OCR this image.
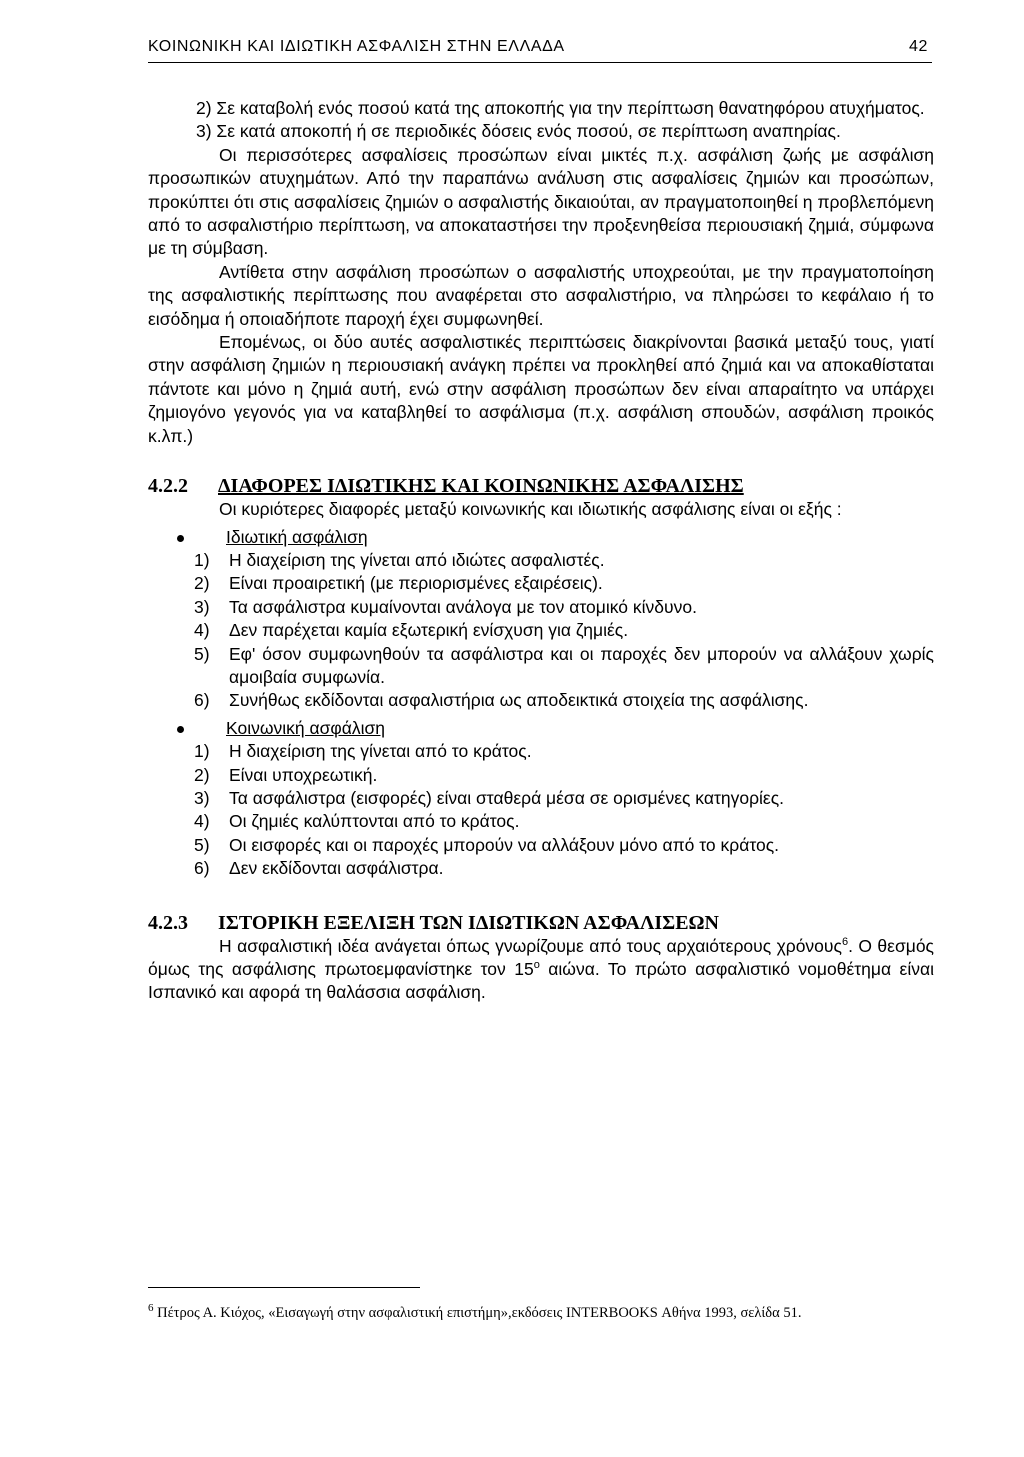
ΚΟΙΝΩΝΙΚΗ ΚΑΙ ΙΔΙΩΤΙΚΗ ΑΣΦΑΛΙΣΗ ΣΤΗΝ ΕΛΛΑΔΑ	42

2) Σε καταβολή ενός ποσού κατά της αποκοπής για την περίπτωση θανατηφόρου ατυχήματος.

3) Σε κατά αποκοπή ή σε περιοδικές δόσεις ενός ποσού, σε περίπτωση αναπηρίας.

Οι περισσότερες ασφαλίσεις προσώπων είναι μικτές π.χ. ασφάλιση ζωής με ασφάλιση προσωπικών ατυχημάτων. Από την παραπάνω ανάλυση στις ασφαλίσεις ζημιών και προσώπων, προκύπτει ότι στις ασφαλίσεις ζημιών ο ασφαλιστής δικαιούται, αν πραγματοποιηθεί η προβλεπόμενη από το ασφαλιστήριο περίπτωση, να αποκαταστήσει την προξενηθείσα περιουσιακή ζημιά, σύμφωνα με τη σύμβαση.

Αντίθετα στην ασφάλιση προσώπων ο ασφαλιστής υποχρεούται, με την πραγματοποίηση της ασφαλιστικής περίπτωσης που αναφέρεται στο ασφαλιστήριο, να πληρώσει το κεφάλαιο ή το εισόδημα ή οποιαδήποτε παροχή έχει συμφωνηθεί.

Επομένως, οι δύο αυτές ασφαλιστικές περιπτώσεις διακρίνονται βασικά μεταξύ τους, γιατί στην ασφάλιση ζημιών η περιουσιακή ανάγκη πρέπει να προκληθεί από ζημιά και να αποκαθίσταται πάντοτε και μόνο η ζημιά αυτή, ενώ στην ασφάλιση προσώπων δεν είναι απαραίτητο να υπάρχει ζημιογόνο γεγονός για να καταβληθεί το ασφάλισμα (π.χ. ασφάλιση σπουδών, ασφάλιση προικός κ.λπ.)

4.2.2 ΔΙΑΦΟΡΕΣ ΙΔΙΩΤΙΚΗΣ ΚΑΙ ΚΟΙΝΩΝΙΚΗΣ ΑΣΦΑΛΙΣΗΣ

Οι κυριότερες διαφορές μεταξύ κοινωνικής και ιδιωτικής ασφάλισης είναι οι εξής :

Ιδιωτική ασφάλιση

1) Η διαχείριση της γίνεται από ιδιώτες ασφαλιστές.

2) Είναι προαιρετική (με περιορισμένες εξαιρέσεις).

3) Τα ασφάλιστρα κυμαίνονται ανάλογα με τον ατομικό κίνδυνο.

4) Δεν παρέχεται καμία εξωτερική ενίσχυση για ζημιές.

5) Εφ' όσον συμφωνηθούν τα ασφάλιστρα και οι παροχές δεν μπορούν να αλλάξουν χωρίς αμοιβαία συμφωνία.

6) Συνήθως εκδίδονται ασφαλιστήρια ως αποδεικτικά στοιχεία της ασφάλισης.

Κοινωνική ασφάλιση

1) Η διαχείριση της γίνεται από το κράτος.

2) Είναι υποχρεωτική.

3) Τα ασφάλιστρα (εισφορές) είναι σταθερά μέσα σε ορισμένες κατηγορίες.

4) Οι ζημιές καλύπτονται από το κράτος.

5) Οι εισφορές και οι παροχές μπορούν να αλλάξουν μόνο από το κράτος.

6) Δεν εκδίδονται ασφάλιστρα.

4.2.3 ΙΣΤΟΡΙΚΗ ΕΞΕΛΙΞΗ ΤΩΝ ΙΔΙΩΤΙΚΩΝ ΑΣΦΑΛΙΣΕΩΝ

Η ασφαλιστική ιδέα ανάγεται όπως γνωρίζουμε από τους αρχαιότερους χρόνους$^6$. Ο θεσμός όμως της ασφάλισης πρωτοεμφανίστηκε τον $15^o$ αιώνα. Το πρώτο ασφαλιστικό νομοθέτημα είναι Ισπανικό και αφορά τη θαλάσσια ασφάλιση.

$^6$ Πέτρος Α. Κιόχος, «Εισαγωγή στην ασφαλιστική επιστήμη»,εκδόσεις INTERBOOKS Αθήνα 1993, σελίδα 51.
